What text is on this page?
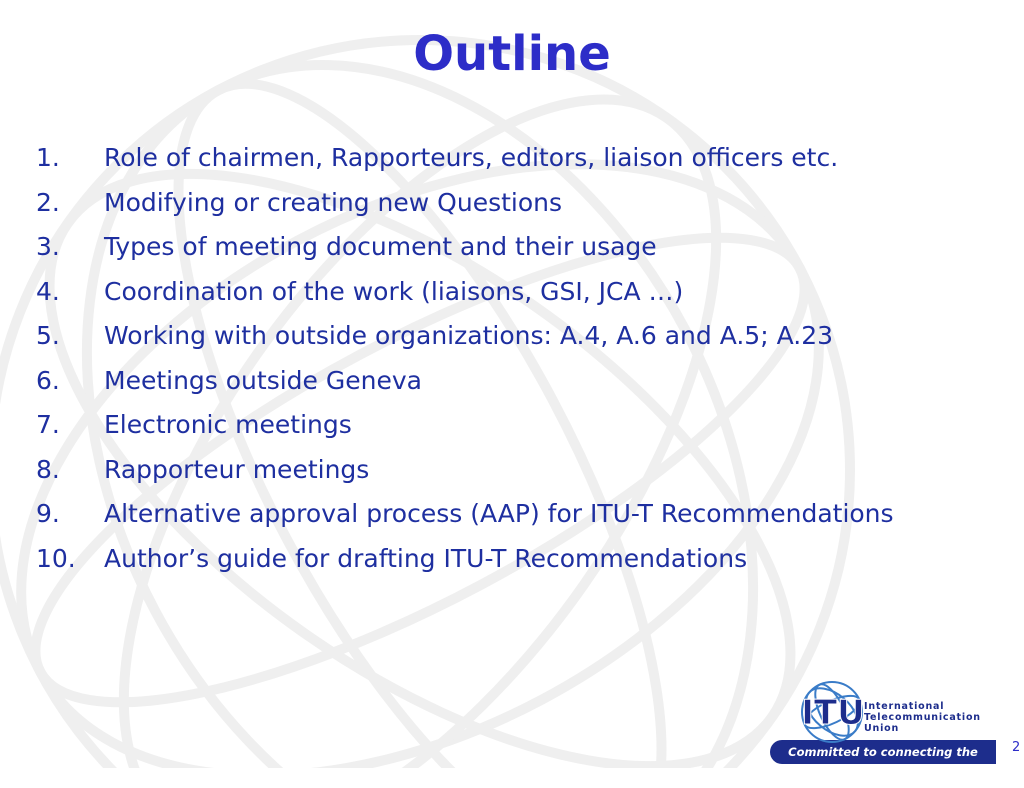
Outline
1. Role of chairmen, Rapporteurs, editors, liaison officers etc.
2. Modifying or creating new Questions
3. Types of meeting document and their usage
4. Coordination of the work (liaisons, GSI, JCA …)
5. Working with outside organizations: A.4, A.6 and A.5; A.23
6. Meetings outside Geneva
7. Electronic meetings
8. Rapporteur meetings
9. Alternative approval process (AAP) for ITU-T Recommendations
10. Author’s guide for drafting ITU-T Recommendations
Committed to connecting the world
ITU International
Telecommunication
Union
2
